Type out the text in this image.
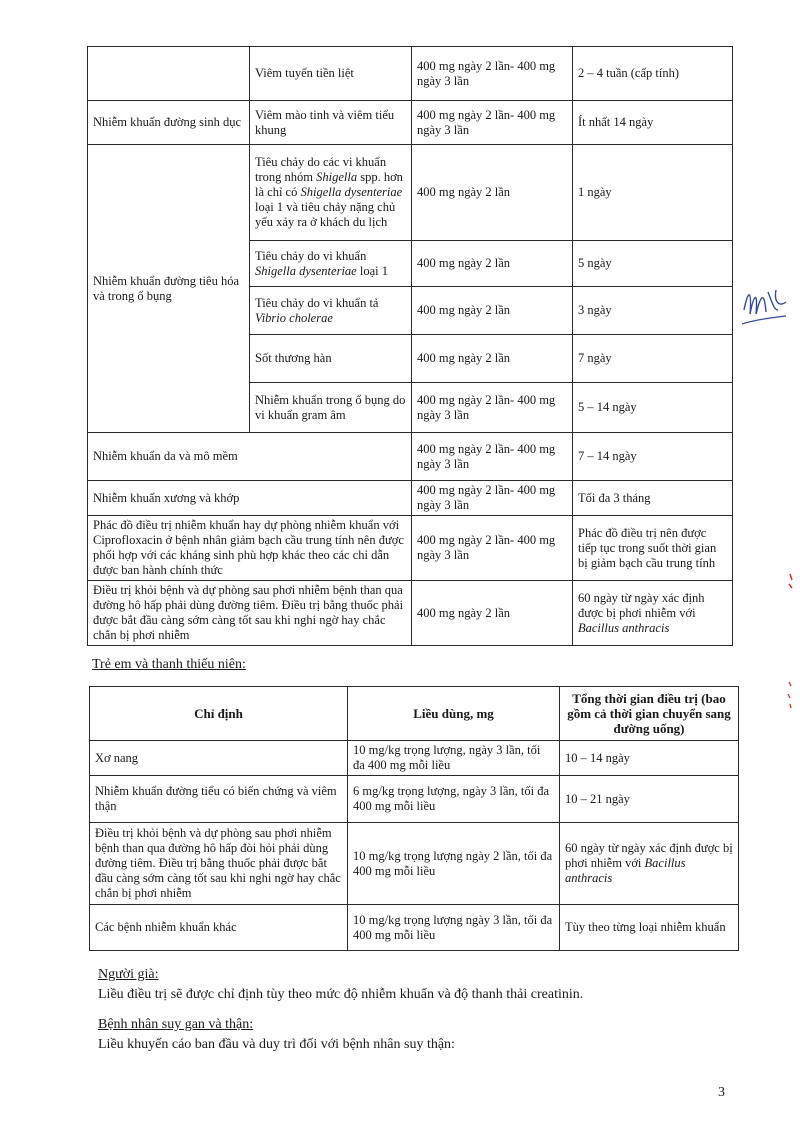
	Viêm tuyến tiền liệt	400 mg ngày 2 lần- 400 mg ngày 3 lần	2 – 4 tuần (cấp tính)
Nhiễm khuẩn đường sinh dục	Viêm mào tinh và viêm tiểu khung	400 mg ngày 2 lần- 400 mg ngày 3 lần	Ít nhất 14 ngày
Nhiễm khuẩn đường tiêu hóa và trong ổ bụng	Tiêu chảy do các vi khuẩn trong nhóm Shigella spp. hơn là chỉ có Shigella dysenteriae loại 1 và tiêu chảy nặng chủ yếu xảy ra ở khách du lịch	400 mg ngày 2 lần	1 ngày
	Tiêu chảy do vi khuẩn Shigella dysenteriae loại 1	400 mg ngày 2 lần	5 ngày
	Tiêu chảy do vi khuẩn tả Vibrio cholerae	400 mg ngày 2 lần	3 ngày
	Sốt thương hàn	400 mg ngày 2 lần	7 ngày
	Nhiễm khuẩn trong ổ bụng do vi khuẩn gram âm	400 mg ngày 2 lần- 400 mg ngày 3 lần	5 – 14 ngày
Nhiễm khuẩn da và mô mềm		400 mg ngày 2 lần- 400 mg ngày 3 lần	7 – 14 ngày
Nhiễm khuẩn xương và khớp		400 mg ngày 2 lần- 400 mg ngày 3 lần	Tối đa 3 tháng
Phác đồ điều trị nhiễm khuẩn hay dự phòng nhiễm khuẩn với Ciprofloxacin ở bệnh nhân giảm bạch cầu trung tính nên được phối hợp với các kháng sinh phù hợp khác theo các chỉ dẫn được ban hành chính thức		400 mg ngày 2 lần- 400 mg ngày 3 lần	Phác đồ điều trị nên được tiếp tục trong suốt thời gian bị giảm bạch cầu trung tính
Điều trị khỏi bệnh và dự phòng sau phơi nhiễm bệnh than qua đường hô hấp phải dùng đường tiêm. Điều trị bằng thuốc phải được bắt đầu càng sớm càng tốt sau khi nghi ngờ hay chắc chắn bị phơi nhiễm		400 mg ngày 2 lần	60 ngày từ ngày xác định được bị phơi nhiễm với Bacillus anthracis
Trẻ em và thanh thiếu niên:
Chỉ định	Liều dùng, mg	Tổng thời gian điều trị (bao gồm cả thời gian chuyển sang đường uống)
Xơ nang	10 mg/kg trọng lượng, ngày 3 lần, tối đa 400 mg mỗi liều	10 – 14 ngày
Nhiễm khuẩn đường tiểu có biến chứng và viêm thận	6 mg/kg trọng lượng, ngày 3 lần, tối đa 400 mg mỗi liều	10 – 21 ngày
Điều trị khỏi bệnh và dự phòng sau phơi nhiễm bệnh than qua đường hô hấp đòi hỏi phải dùng đường tiêm. Điều trị bằng thuốc phải được bắt đầu càng sớm càng tốt sau khi nghi ngờ hay chắc chắn bị phơi nhiễm	10 mg/kg trọng lượng ngày 2 lần, tối đa 400 mg mỗi liều	60 ngày từ ngày xác định được bị phơi nhiễm với Bacillus anthracis
Các bệnh nhiễm khuẩn khác	10 mg/kg trọng lượng ngày 3 lần, tối đa 400 mg mỗi liều	Tùy theo từng loại nhiễm khuẩn
Người già:
Liều điều trị sẽ được chỉ định tùy theo mức độ nhiễm khuẩn và độ thanh thải creatinin.
Bệnh nhân suy gan và thận:
Liều khuyến cáo ban đầu và duy trì đối với bệnh nhân suy thận:
3
